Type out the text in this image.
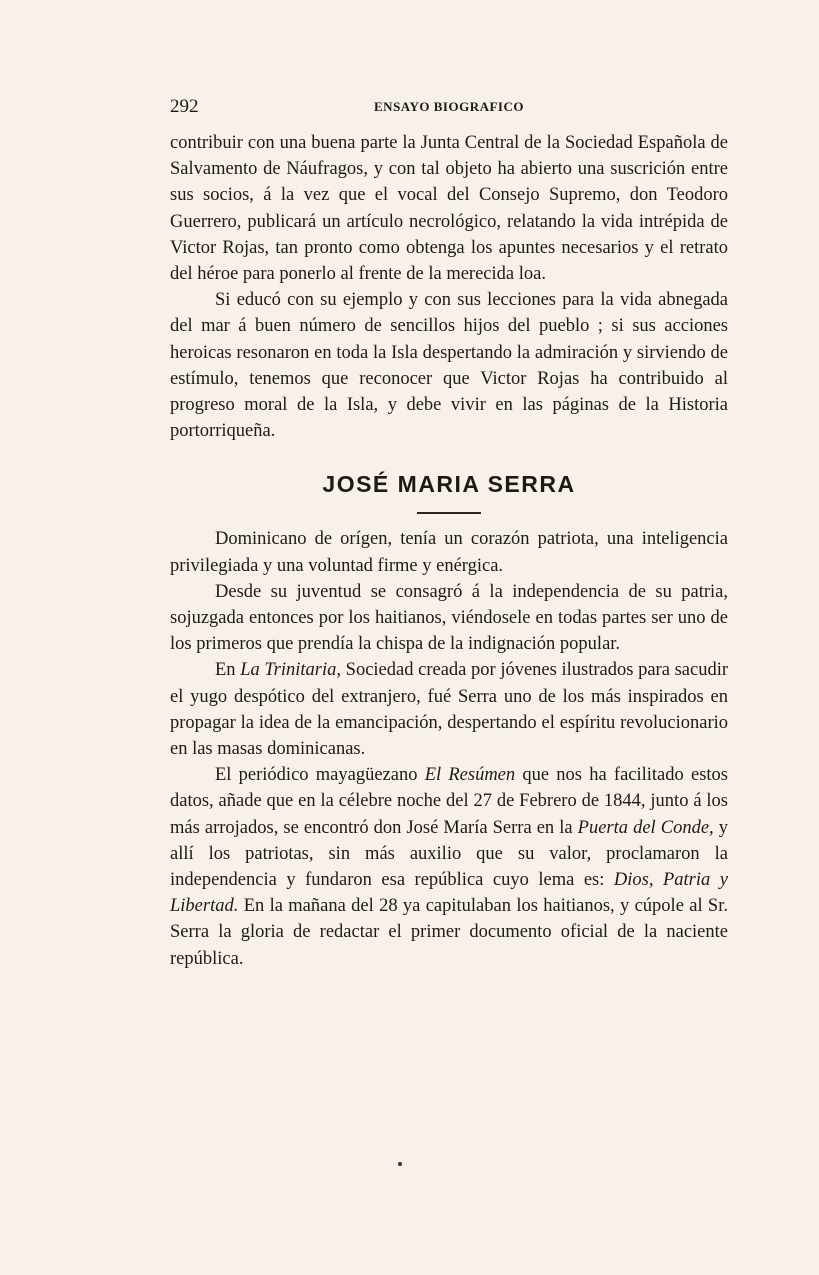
292	ENSAYO BIOGRAFICO

contribuir con una buena parte la Junta Central de la Sociedad Española de Salvamento de Náufragos, y con tal objeto ha abierto una suscrición entre sus socios, á la vez que el vocal del Consejo Supremo, don Teodoro Guerrero, publicará un artículo necrológico, relatando la vida intrépida de Victor Rojas, tan pronto como obtenga los apuntes necesarios y el retrato del héroe para ponerlo al frente de la merecida loa.

Si educó con su ejemplo y con sus lecciones para la vida abnegada del mar á buen número de sencillos hijos del pueblo ; si sus acciones heroicas resonaron en toda la Isla despertando la admiración y sirviendo de estímulo, tenemos que reconocer que Victor Rojas ha contribuido al progreso moral de la Isla, y debe vivir en las páginas de la Historia portorriqueña.

JOSÉ MARIA SERRA

Dominicano de orígen, tenía un corazón patriota, una inteligencia privilegiada y una voluntad firme y enérgica.

Desde su juventud se consagró á la independencia de su patria, sojuzgada entonces por los haitianos, viéndosele en todas partes ser uno de los primeros que prendía la chispa de la indignación popular.

En La Trinitaria, Sociedad creada por jóvenes ilustrados para sacudir el yugo despótico del extranjero, fué Serra uno de los más inspirados en propagar la idea de la emancipación, despertando el espíritu revolucionario en las masas dominicanas.

El periódico mayagüezano El Resúmen que nos ha facilitado estos datos, añade que en la célebre noche del 27 de Febrero de 1844, junto á los más arrojados, se encontró don José María Serra en la Puerta del Conde, y allí los patriotas, sin más auxilio que su valor, proclamaron la independencia y fundaron esa república cuyo lema es: Dios, Patria y Libertad. En la mañana del 28 ya capitulaban los haitianos, y cúpole al Sr. Serra la gloria de redactar el primer documento oficial de la naciente república.
